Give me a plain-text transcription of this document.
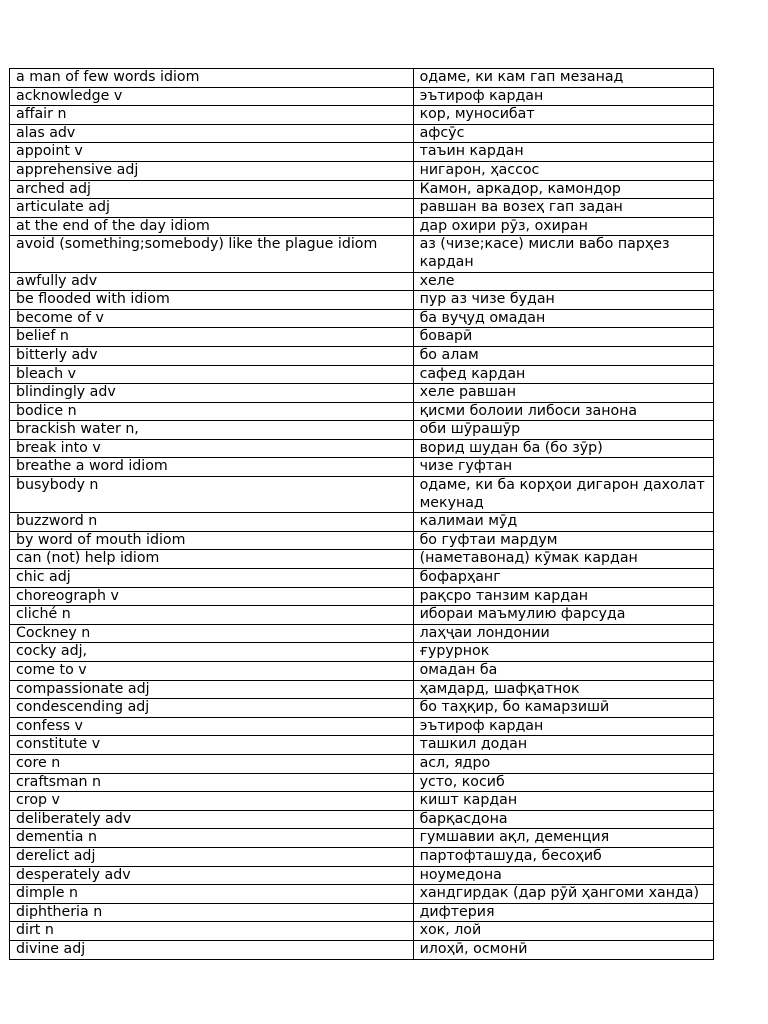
a man of few words idiom	одаме, ки кам гап мезанад
acknowledge v	эътироф кардан
affair n	кор, муносибат
alas adv	афсӯс
appoint v	таъин кардан
apprehensive adj	нигарон, ҳассос
arched adj	Камон, аркадор, камондор
articulate adj	равшан ва возеҳ гап задан
at the end of the day idiom	дар охири рӯз, охиран
avoid (something;somebody) like the plague idiom	аз (чизе;касе) мисли вабо парҳез кардан
awfully adv	хеле
be flooded with idiom	пур аз чизе будан
become of v	ба вуҷуд омадан
belief n	боварӣ
bitterly adv	бо алам
bleach v	сафед кардан
blindingly adv	хеле равшан
bodice n	қисми болоии либоси занона
brackish water n,	оби шӯрашӯр
break into v	ворид шудан ба (бо зӯр)
breathe a word idiom	чизе гуфтан
busybody n	одаме, ки ба корҳои дигарон дахолат мекунад
buzzword n	калимаи мӯд
by word of mouth idiom	бо гуфтаи мардум
can (not) help idiom	(наметавонад) кӯмак кардан
chic adj	бофарҳанг
choreograph v	рақсро танзим кардан
cliché n	ибораи маъмулию фарсуда
Cockney n	лаҳҷаи лондонии
cocky adj,	ғурурнок
come to v	омадан ба
compassionate adj	ҳамдард, шафқатнок
condescending adj	бо таҳқир, бо камарзишӣ
confess v	эътироф кардан
constitute v	ташкил додан
core n	асл, ядро
craftsman n	усто, косиб
crop v	кишт кардан
deliberately adv	барқасдона
dementia n	гумшавии ақл, деменция
derelict adj	партофташуда, бесоҳиб
desperately adv	ноумедона
dimple n	хандгирдак (дар рӯй ҳангоми ханда)
diphtheria n	дифтерия
dirt n	хок, лой
divine adj	илоҳӣ, осмонӣ
